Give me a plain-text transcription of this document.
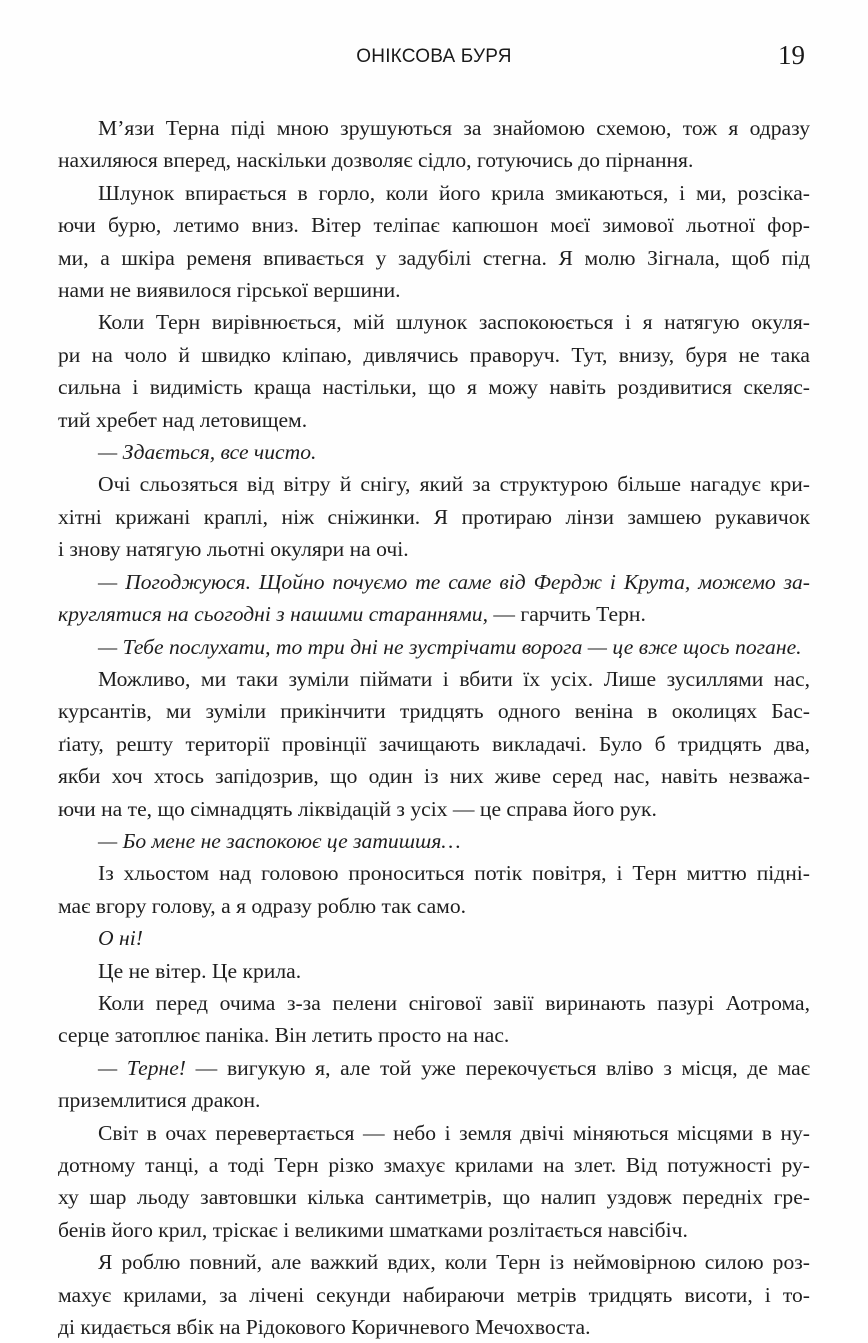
ОНІКСОВА БУРЯ	19
М’язи Терна піді мною зрушуються за знайомою схемою, тож я одразу
нахиляюся вперед, наскільки дозволяє сідло, готуючись до пірнання.
Шлунок впирається в горло, коли його крила змикаються, і ми, розсіка-
ючи бурю, летимо вниз. Вітер теліпає капюшон моєї зимової льотної фор-
ми, а шкіра ременя впивається у задубілі стегна. Я молю Зігнала, щоб під
нами не виявилося гірської вершини.
Коли Терн вирівнюється, мій шлунок заспокоюється і я натягую окуля-
ри на чоло й швидко кліпаю, дивлячись праворуч. Тут, внизу, буря не така
сильна і видимість краща настільки, що я можу навіть роздивитися скеляс-
тий хребет над летовищем.
— Здається, все чисто.
Очі сльозяться від вітру й снігу, який за структурою більше нагадує кри-
хітні крижані краплі, ніж сніжинки. Я протираю лінзи замшею рукавичок
і знову натягую льотні окуляри на очі.
— Погоджуюся. Щойно почуємо те саме від Фердж і Крута, можемо за-
круглятися на сьогодні з нашими стараннями, — гарчить Терн.
— Тебе послухати, то три дні не зустрічати ворога — це вже щось погане.
Можливо, ми таки зуміли піймати і вбити їх усіх. Лише зусиллями нас,
курсантів, ми зуміли прикінчити тридцять одного веніна в околицях Бас-
ґіату, решту території провінції зачищають викладачі. Було б тридцять два,
якби хоч хтось запідозрив, що один із них живе серед нас, навіть незважа-
ючи на те, що сімнадцять ліквідацій з усіх — це справа його рук.
— Бо мене не заспокоює це затишшя…
Із хльостом над головою проноситься потік повітря, і Терн миттю підні-
має вгору голову, а я одразу роблю так само.
О ні!
Це не вітер. Це крила.
Коли перед очима з-за пелени снігової завії виринають пазурі Аотрома,
серце затоплює паніка. Він летить просто на нас.
— Терне! — вигукую я, але той уже перекочується вліво з місця, де має
приземлитися дракон.
Світ в очах перевертається — небо і земля двічі міняються місцями в ну-
дотному танці, а тоді Терн різко змахує крилами на злет. Від потужності ру-
ху шар льоду завтовшки кілька сантиметрів, що налип уздовж передніх гре-
бенів його крил, тріскає і великими шматками розлітається навсібіч.
Я роблю повний, але важкий вдих, коли Терн із неймовірною силою роз-
махує крилами, за лічені секунди набираючи метрів тридцять висоти, і то-
ді кидається вбік на Рідокового Коричневого Мечохвоста.
